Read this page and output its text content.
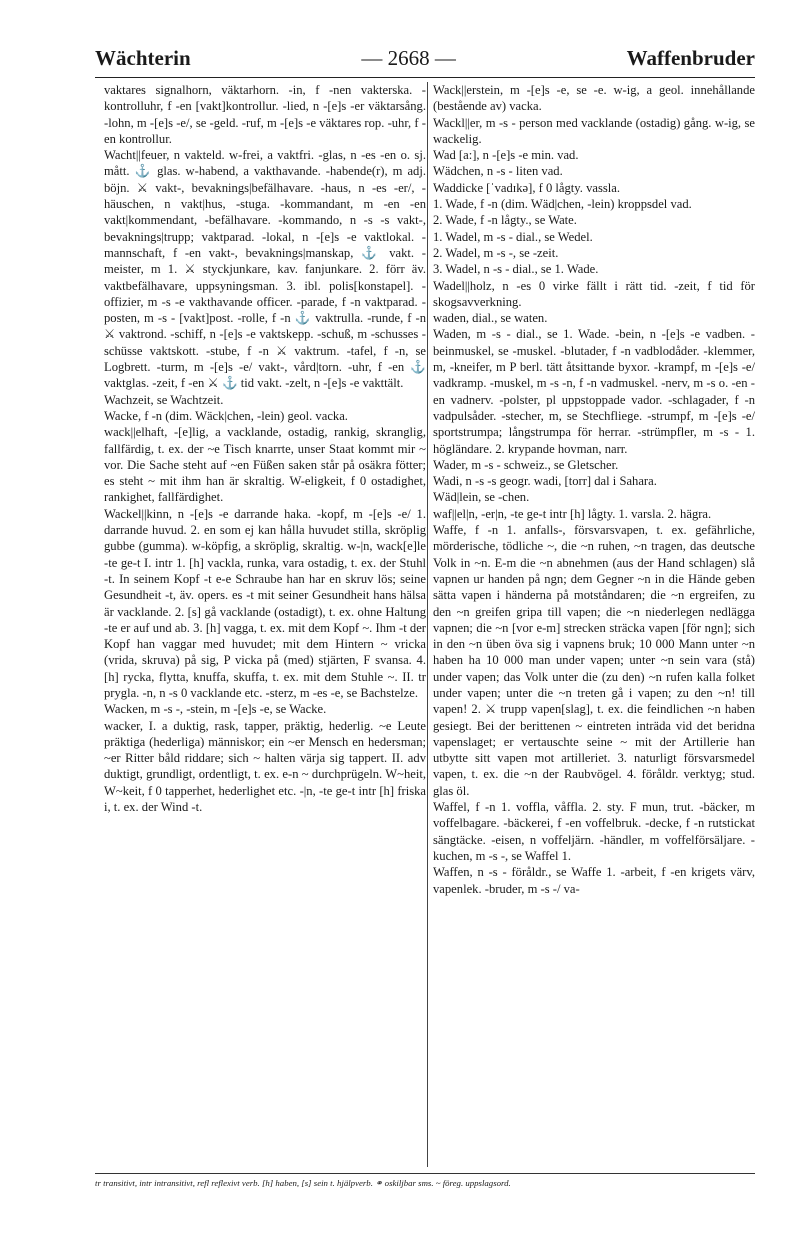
Wächterin	— 2668 —	Waffenbruder

vaktares signalhorn, väktarhorn. -in, f -nen vakterska. -kontrolluhr, f -en [vakt]kontrollur. -lied, n -[e]s -er väktarsång. -lohn, m -[e]s -e/, se -geld. -ruf, m -[e]s -e väktares rop. -uhr, f -en kontrollur.

Wacht||feuer, n vakteld. w-frei, a vaktfri. -glas, n -es -en o. sj. mått. ⚓ glas. w-habend, a vakthavande. -habende(r), m adj. böjn. ⚔ vakt-, bevaknings|befälhavare. -haus, n -es -er/, -häuschen, n vakt|hus, -stuga. -kommandant, m -en -en vakt|kommendant, -befälhavare. -kommando, n -s -s vakt-, bevaknings|trupp; vaktparad. -lokal, n -[e]s -e vaktlokal. -mannschaft, f -en vakt-, bevaknings|manskap, ⚓ vakt. -meister, m 1. ⚔ styckjunkare, kav. fanjunkare. 2. förr äv. vaktbefälhavare, uppsyningsman. 3. ibl. polis[konstapel]. -offizier, m -s -e vakthavande officer. -parade, f -n vaktparad. -posten, m -s - [vakt]post. -rolle, f -n ⚓ vaktrulla. -runde, f -n ⚔ vaktrond. -schiff, n -[e]s -e vaktskepp. -schuß, m -schusses -schüsse vaktskott. -stube, f -n ⚔ vaktrum. -tafel, f -n, se Logbrett. -turm, m -[e]s -e/ vakt-, vård|torn. -uhr, f -en ⚓ vaktglas. -zeit, f -en ⚔ ⚓ tid vakt. -zelt, n -[e]s -e vakttält.

Wachzeit, se Wachtzeit.

Wacke, f -n (dim. Wäck|chen, -lein) geol. vacka.

wack||elhaft, -[e]lig, a vacklande, ostadig, rankig, skranglig, fallfärdig, t. ex. der ~e Tisch knarrte, unser Staat kommt mir ~ vor. Die Sache steht auf ~en Füßen saken står på osäkra fötter; es steht ~ mit ihm han är skraltig. W-eligkeit, f 0 ostadighet, rankighet, fallfärdighet.

Wackel||kinn, n -[e]s -e darrande haka. -kopf, m -[e]s -e/ 1. darrande huvud. 2. en som ej kan hålla huvudet stilla, skröplig gubbe (gumma). w-köpfig, a skröplig, skraltig. w-|n, wack[e]le -te ge-t I. intr 1. [h] vackla, runka, vara ostadig, t. ex. der Stuhl -t. In seinem Kopf -t e-e Schraube han har en skruv lös; seine Gesundheit -t, äv. opers. es -t mit seiner Gesundheit hans hälsa är vacklande. 2. [s] gå vacklande (ostadigt), t. ex. ohne Haltung -te er auf und ab. 3. [h] vagga, t. ex. mit dem Kopf ~. Ihm -t der Kopf han vaggar med huvudet; mit dem Hintern ~ vricka (vrida, skruva) på sig, P vicka på (med) stjärten, F svansa. 4. [h] rycka, flytta, knuffa, skuffa, t. ex. mit dem Stuhle ~. II. tr prygla. -n, n -s 0 vacklande etc. -sterz, m -es -e, se Bachstelze.

Wacken, m -s -, -stein, m -[e]s -e, se Wacke.

wacker, I. a duktig, rask, tapper, präktig, hederlig. ~e Leute präktiga (hederliga) människor; ein ~er Mensch en hedersman; ~er Ritter båld riddare; sich ~ halten värja sig tappert. II. adv duktigt, grundligt, ordentligt, t. ex. e-n ~ durchprügeln. W~heit, W~keit, f 0 tapperhet, hederlighet etc. -|n, -te ge-t intr [h] friska i, t. ex. der Wind -t.

Wack||erstein, m -[e]s -e, se -e. w-ig, a geol. innehållande (bestående av) vacka.

Wackl||er, m -s - person med vacklande (ostadig) gång. w-ig, se wackelig.

Wad [a:], n -[e]s -e min. vad.

Wädchen, n -s - liten vad.

Waddicke [ˈvadɪkə], f 0 lågty. vassla.

1. Wade, f -n (dim. Wäd|chen, -lein) kroppsdel vad.

2. Wade, f -n lågty., se Wate.

1. Wadel, m -s - dial., se Wedel.

2. Wadel, m -s -, se -zeit.

3. Wadel, n -s - dial., se 1. Wade.

Wadel||holz, n -es 0 virke fällt i rätt tid. -zeit, f tid för skogsavverkning.

waden, dial., se waten.

Waden, m -s - dial., se 1. Wade. -bein, n -[e]s -e vadben. -beinmuskel, se -muskel. -blutader, f -n vadblodåder. -klemmer, m, -kneifer, m P berl. tätt åtsittande byxor. -krampf, m -[e]s -e/ vadkramp. -muskel, m -s -n, f -n vadmuskel. -nerv, m -s o. -en -en vadnerv. -polster, pl uppstoppade vador. -schlagader, f -n vadpulsåder. -stecher, m, se Stechfliege. -strumpf, m -[e]s -e/ sportstrumpa; långstrumpa för herrar. -strümpfler, m -s - 1. högländare. 2. krypande hovman, narr.

Wader, m -s - schweiz., se Gletscher.

Wadi, n -s -s geogr. wadi, [torr] dal i Sahara.

Wäd|lein, se -chen.

waf||el|n, -er|n, -te ge-t intr [h] lågty. 1. varsla. 2. hägra.

Waffe, f -n 1. anfalls-, försvarsvapen, t. ex. gefährliche, mörderische, tödliche ~, die ~n ruhen, ~n tragen, das deutsche Volk in ~n. E-m die ~n abnehmen (aus der Hand schlagen) slå vapnen ur handen på ngn; dem Gegner ~n in die Hände geben sätta vapen i händerna på motståndaren; die ~n ergreifen, zu den ~n greifen gripa till vapen; die ~n niederlegen nedlägga vapnen; die ~n [vor e-m] strecken sträcka vapen [för ngn]; sich in den ~n üben öva sig i vapnens bruk; 10 000 Mann unter ~n haben ha 10 000 man under vapen; unter ~n sein vara (stå) under vapen; das Volk unter die (zu den) ~n rufen kalla folket under vapen; unter die ~n treten gå i vapen; zu den ~n! till vapen! 2. ⚔ trupp vapen[slag], t. ex. die feindlichen ~n haben gesiegt. Bei der berittenen ~ eintreten inträda vid det beridna vapenslaget; er vertauschte seine ~ mit der Artillerie han utbytte sitt vapen mot artilleriet. 3. naturligt försvarsmedel vapen, t. ex. die ~n der Raubvögel. 4. föråldr. verktyg; stud. glas öl.

Waffel, f -n 1. voffla, våffla. 2. sty. F mun, trut. -bäcker, m voffelbagare. -bäckerei, f -en voffelbruk. -decke, f -n rutstickat sängtäcke. -eisen, n voffeljärn. -händler, m voffelförsäljare. -kuchen, m -s -, se Waffel 1.

Waffen, n -s - föråldr., se Waffe 1. -arbeit, f -en krigets värv, vapenlek. -bruder, m -s -/ va-

tr transitivt, intr intransitivt, refl reflexivt verb. [h] haben, [s] sein t. hjälpverb. ⚭ oskiljbar sms. ~ föreg. uppslagsord.
